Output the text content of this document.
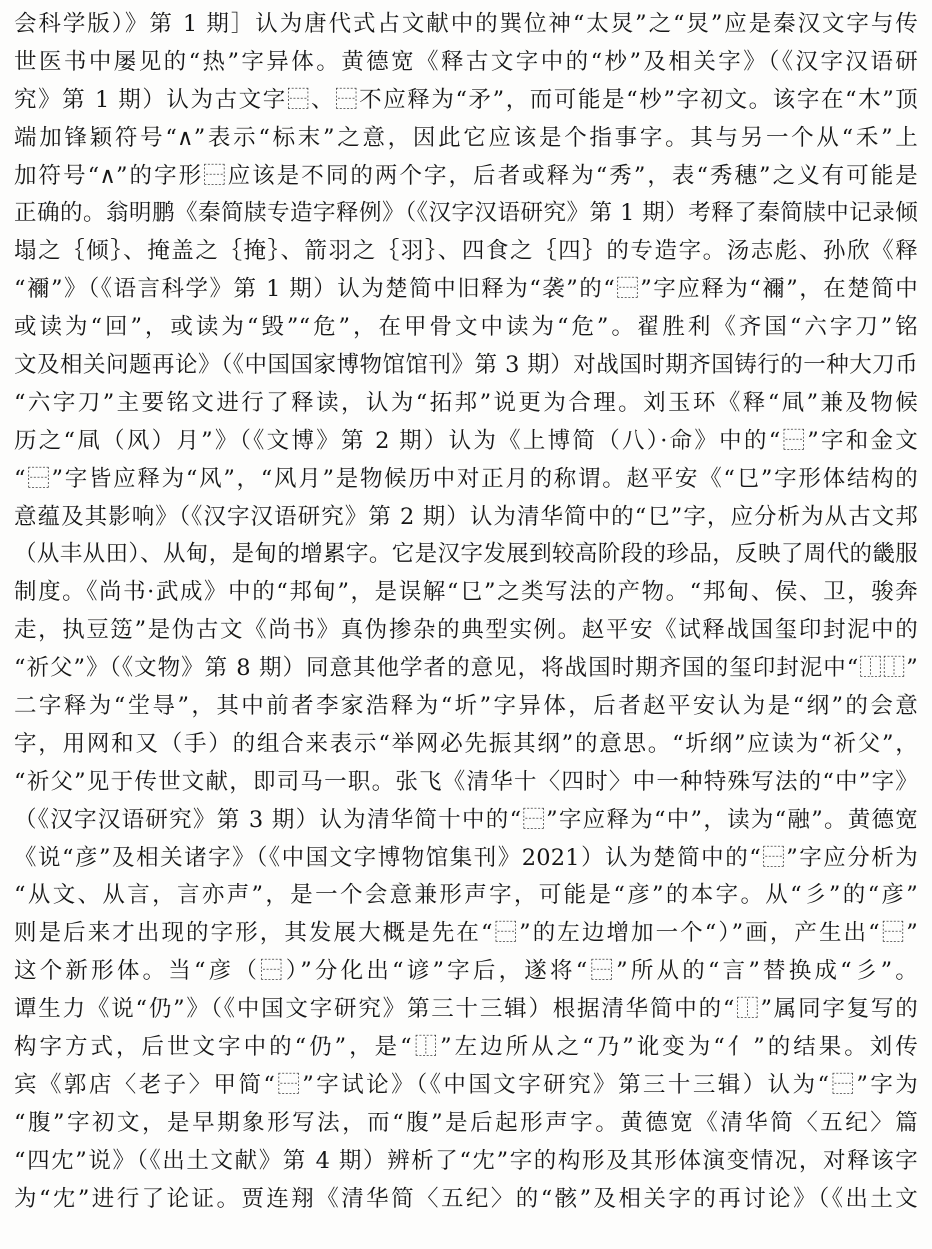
会科学版）》第 1 期］认为唐代式占文献中的巽位神“太炅”之“炅”应是秦汉文字与传
世医书中屡见的“热”字异体。黄德宽《释古文字中的“杪”及相关字》（《汉字汉语研
究》第 1 期）认为古文字⿱、⿱不应释为“矛”，而可能是“杪”字初文。该字在“木”顶
端加锋颖符号“∧”表示“标末”之意，因此它应该是个指事字。其与另一个从“禾”上
加符号“∧”的字形⿱应该是不同的两个字，后者或释为“秀”，表“秀穗”之义有可能是
正确的。翁明鹏《秦简牍专造字释例》（《汉字汉语研究》第 1 期）考释了秦简牍中记录倾
塌之｛倾｝、掩盖之｛掩｝、箭羽之｛羽｝、四食之｛四｝的专造字。汤志彪、孙欣《释
“襧”》（《语言科学》第 1 期）认为楚简中旧释为“袭”的“⿱”字应释为“襧”，在楚简中
或读为“回”，或读为“毁”“危”，在甲骨文中读为“危”。翟胜利《齐国“六字刀”铭
文及相关问题再论》（《中国国家博物馆馆刊》第 3 期）对战国时期齐国铸行的一种大刀币
“六字刀”主要铭文进行了释读，认为“拓邦”说更为合理。刘玉环《释“凬”兼及物候
历之“凬（风）月”》（《文博》第 2 期）认为《上博简（八）·命》中的“⿱”字和金文
“⿱”字皆应释为“风”，“风月”是物候历中对正月的称谓。赵平安《“㔾”字形体结构的
意蕴及其影响》（《汉字汉语研究》第 2 期）认为清华简中的“㔾”字，应分析为从古文邦
（从丰从田）、从甸，是甸的增累字。它是汉字发展到较高阶段的珍品，反映了周代的畿服
制度。《尚书·武成》中的“邦甸”，是误解“㔾”之类写法的产物。“邦甸、侯、卫，骏奔
走，执豆笾”是伪古文《尚书》真伪掺杂的典型实例。赵平安《试释战国玺印封泥中的
“祈父”》（《文物》第 8 期）同意其他学者的意见，将战国时期齐国的玺印封泥中“⿰⿰”
二字释为“坣㝵”，其中前者李家浩释为“圻”字异体，后者赵平安认为是“纲”的会意
字，用网和又（手）的组合来表示“举网必先振其纲”的意思。“圻纲”应读为“祈父”，
“祈父”见于传世文献，即司马一职。张飞《清华十〈四时〉中一种特殊写法的“中”字》
（《汉字汉语研究》第 3 期）认为清华简十中的“⿱”字应释为“中”，读为“融”。黄德宽
《说“彦”及相关诸字》（《中国文字博物馆集刊》2021）认为楚简中的“⿱”字应分析为
“从文、从言，言亦声”，是一个会意兼形声字，可能是“彦”的本字。从“彡”的“彦”
则是后来才出现的字形，其发展大概是先在“⿱”的左边增加一个“）”画，产生出“⿱”
这个新形体。当“彦（⿱）”分化出“谚”字后，遂将“⿱”所从的“言”替换成“彡”。
谭生力《说“仍”》（《中国文字研究》第三十三辑）根据清华简中的“⿰”属同字复写的
构字方式，后世文字中的“仍”，是“⿰”左边所从之“乃”讹变为“亻”的结果。刘传
宾《郭店〈老子〉甲简“⿱”字试论》（《中国文字研究》第三十三辑）认为“⿱”字为
“腹”字初文，是早期象形写法，而“腹”是后起形声字。黄德宽《清华简〈五纪〉篇
“四冘”说》（《出土文献》第 4 期）辨析了“冘”字的构形及其形体演变情况，对释该字
为“冘”进行了论证。贾连翔《清华简〈五纪〉的“骸”及相关字的再讨论》（《出土文
